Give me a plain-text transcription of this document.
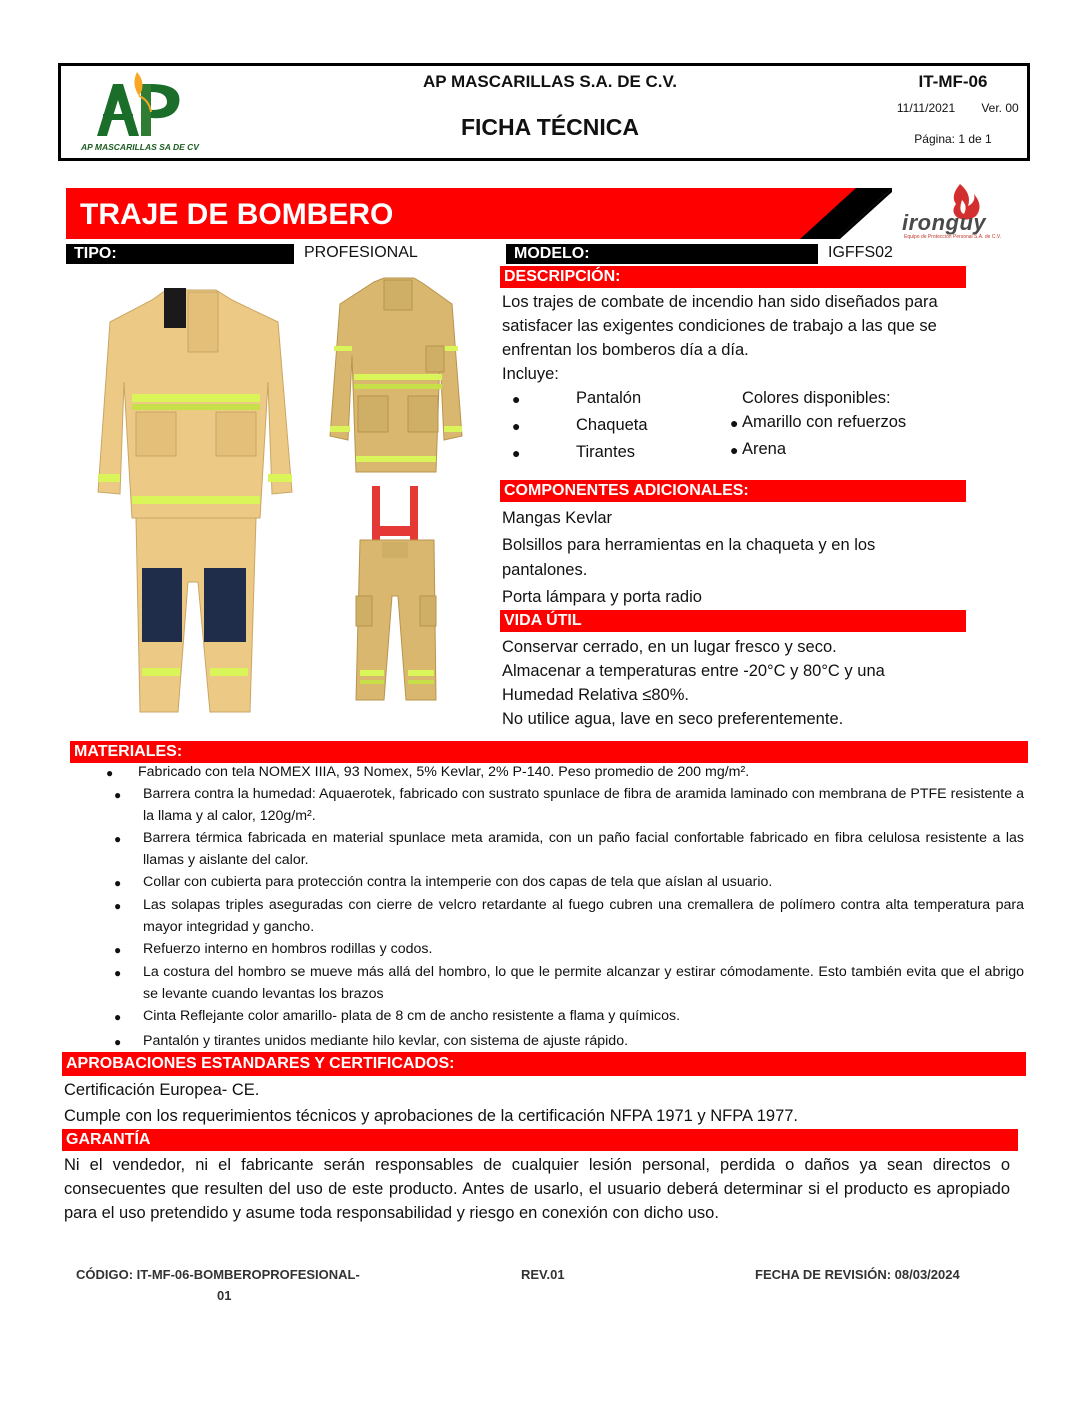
AP MASCARILLAS SA DE CV
AP MASCARILLAS S.A. DE C.V.
FICHA TÉCNICA
IT-MF-06
11/11/2021	Ver. 00
Página: 1 de 1
TRAJE DE BOMBERO	ironguy
Equipo de Protección Personal S.A. de C.V.
TIPO:	PROFESIONAL	MODELO:	IGFFS02
DESCRIPCIÓN:
Los trajes de combate de incendio han sido diseñados para
satisfacer las exigentes condiciones de trabajo a las que se
enfrentan los bomberos día a día.
Incluye:
●	Pantalón
●	Chaqueta
●	Tirantes
Colores disponibles:
● Amarillo con refuerzos
● Arena
COMPONENTES ADICIONALES:
Mangas Kevlar
Bolsillos para herramientas en la chaqueta y en los
pantalones.
Porta lámpara y porta radio
VIDA ÚTIL
Conservar cerrado, en un lugar fresco y seco.
Almacenar a temperaturas entre -20°C y 80°C y una
Humedad Relativa ≤80%.
No utilice agua, lave en seco preferentemente.
MATERIALES:
● Fabricado con tela NOMEX IIIA, 93 Nomex, 5% Kevlar, 2% P-140. Peso promedio de 200 mg/m².
● Barrera contra la humedad: Aquaerotek, fabricado con sustrato spunlace de fibra de aramida laminado con membrana de PTFE resistente a la llama y al calor, 120g/m².
● Barrera térmica fabricada en material spunlace meta aramida, con un paño facial confortable fabricado en fibra celulosa resistente a las llamas y aislante del calor.
● Collar con cubierta para protección contra la intemperie con dos capas de tela que aíslan al usuario.
● Las solapas triples aseguradas con cierre de velcro retardante al fuego cubren una cremallera de polímero contra alta temperatura para mayor integridad y gancho.
● Refuerzo interno en hombros rodillas y codos.
● La costura del hombro se mueve más allá del hombro, lo que le permite alcanzar y estirar cómodamente. Esto también evita que el abrigo se levante cuando levantas los brazos
● Cinta Reflejante color amarillo- plata de 8 cm de ancho resistente a flama y químicos.
● Pantalón y tirantes unidos mediante hilo kevlar, con sistema de ajuste rápido.
APROBACIONES ESTANDARES Y CERTIFICADOS:
Certificación Europea- CE.
Cumple con los requerimientos técnicos y aprobaciones de la certificación NFPA 1971 y NFPA 1977.
GARANTÍA
Ni el vendedor, ni el fabricante serán responsables de cualquier lesión personal, perdida o daños ya sean directos o consecuentes que resulten del uso de este producto. Antes de usarlo, el usuario deberá determinar si el producto es apropiado para el uso pretendido y asume toda responsabilidad y riesgo en conexión con dicho uso.
CÓDIGO: IT-MF-06-BOMBEROPROFESIONAL-
01
REV.01	FECHA DE REVISIÓN: 08/03/2024
